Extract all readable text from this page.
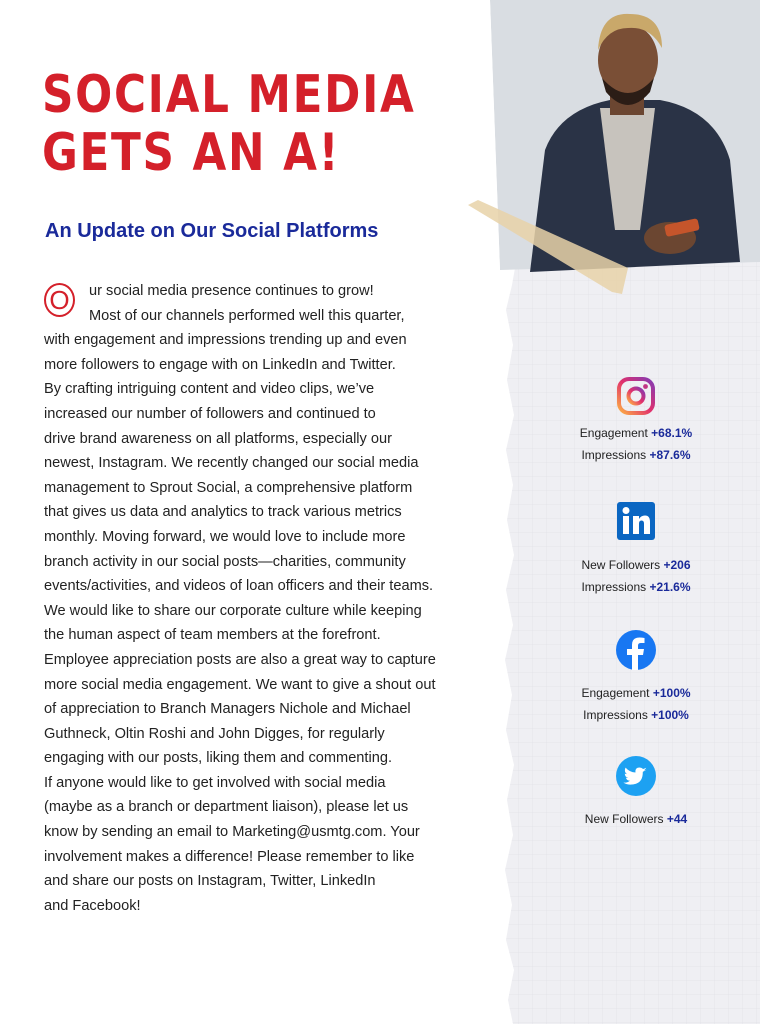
SOCIAL MEDIA
GETS AN A!
An Update on Our Social Platforms
O	ur social media presence continues to grow!
Most of our channels performed well this quarter,
with engagement and impressions trending up and even
more followers to engage with on LinkedIn and Twitter.
By crafting intriguing content and video clips, we’ve
increased our number of followers and continued to
drive brand awareness on all platforms, especially our
newest, Instagram. We recently changed our social media
management to Sprout Social, a comprehensive platform
that gives us data and analytics to track various metrics
monthly. Moving forward, we would love to include more
branch activity in our social posts—charities, community
events/activities, and videos of loan officers and their teams.
We would like to share our corporate culture while keeping
the human aspect of team members at the forefront.
Employee appreciation posts are also a great way to capture
more social media engagement. We want to give a shout out
of appreciation to Branch Managers Nichole and Michael
Guthneck, Oltin Roshi and John Digges, for regularly
engaging with our posts, liking them and commenting.
If anyone would like to get involved with social media
(maybe as a branch or department liaison), please let us
know by sending an email to Marketing@usmtg.com. Your
involvement makes a difference! Please remember to like
and share our posts on Instagram, Twitter, LinkedIn
and Facebook!
Engagement +68.1%
Impressions +87.6%
New Followers +206
Impressions +21.6%
Engagement +100%
Impressions +100%
New Followers +44
